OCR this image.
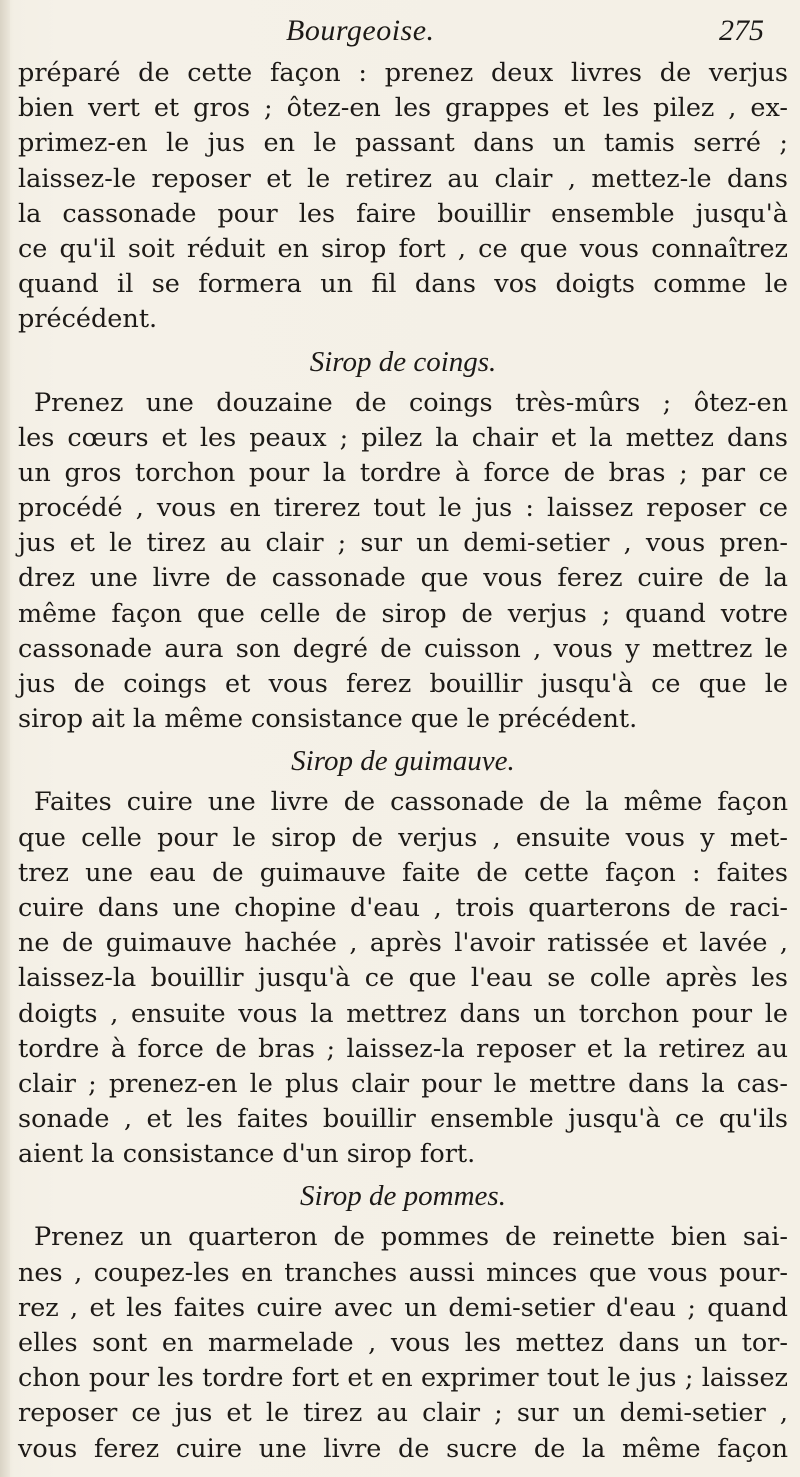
Bourgeoise.	275
préparé de cette façon : prenez deux livres de verjus
bien vert et gros ; ôtez-en les grappes et les pilez , ex-
primez-en le jus en le passant dans un tamis serré ;
laissez-le reposer et le retirez au clair , mettez-le dans
la cassonade pour les faire bouillir ensemble jusqu'à
ce qu'il soit réduit en sirop fort , ce que vous connaîtrez
quand il se formera un fil dans vos doigts comme le
précédent.
Sirop de coings.
Prenez une douzaine de coings très-mûrs ; ôtez-en
les cœurs et les peaux ; pilez la chair et la mettez dans
un gros torchon pour la tordre à force de bras ; par ce
procédé , vous en tirerez tout le jus : laissez reposer ce
jus et le tirez au clair ; sur un demi-setier , vous pren-
drez une livre de cassonade que vous ferez cuire de la
même façon que celle de sirop de verjus ; quand votre
cassonade aura son degré de cuisson , vous y mettrez le
jus de coings et vous ferez bouillir jusqu'à ce que le
sirop ait la même consistance que le précédent.
Sirop de guimauve.
Faites cuire une livre de cassonade de la même façon
que celle pour le sirop de verjus , ensuite vous y met-
trez une eau de guimauve faite de cette façon : faites
cuire dans une chopine d'eau , trois quarterons de raci-
ne de guimauve hachée , après l'avoir ratissée et lavée ,
laissez-la bouillir jusqu'à ce que l'eau se colle après les
doigts , ensuite vous la mettrez dans un torchon pour le
tordre à force de bras ; laissez-la reposer et la retirez au
clair ; prenez-en le plus clair pour le mettre dans la cas-
sonade , et les faites bouillir ensemble jusqu'à ce qu'ils
aient la consistance d'un sirop fort.
Sirop de pommes.
Prenez un quarteron de pommes de reinette bien sai-
nes , coupez-les en tranches aussi minces que vous pour-
rez , et les faites cuire avec un demi-setier d'eau ; quand
elles sont en marmelade , vous les mettez dans un tor-
chon pour les tordre fort et en exprimer tout le jus ; laissez
reposer ce jus et le tirez au clair ; sur un demi-setier ,
vous ferez cuire une livre de sucre de la même façon
